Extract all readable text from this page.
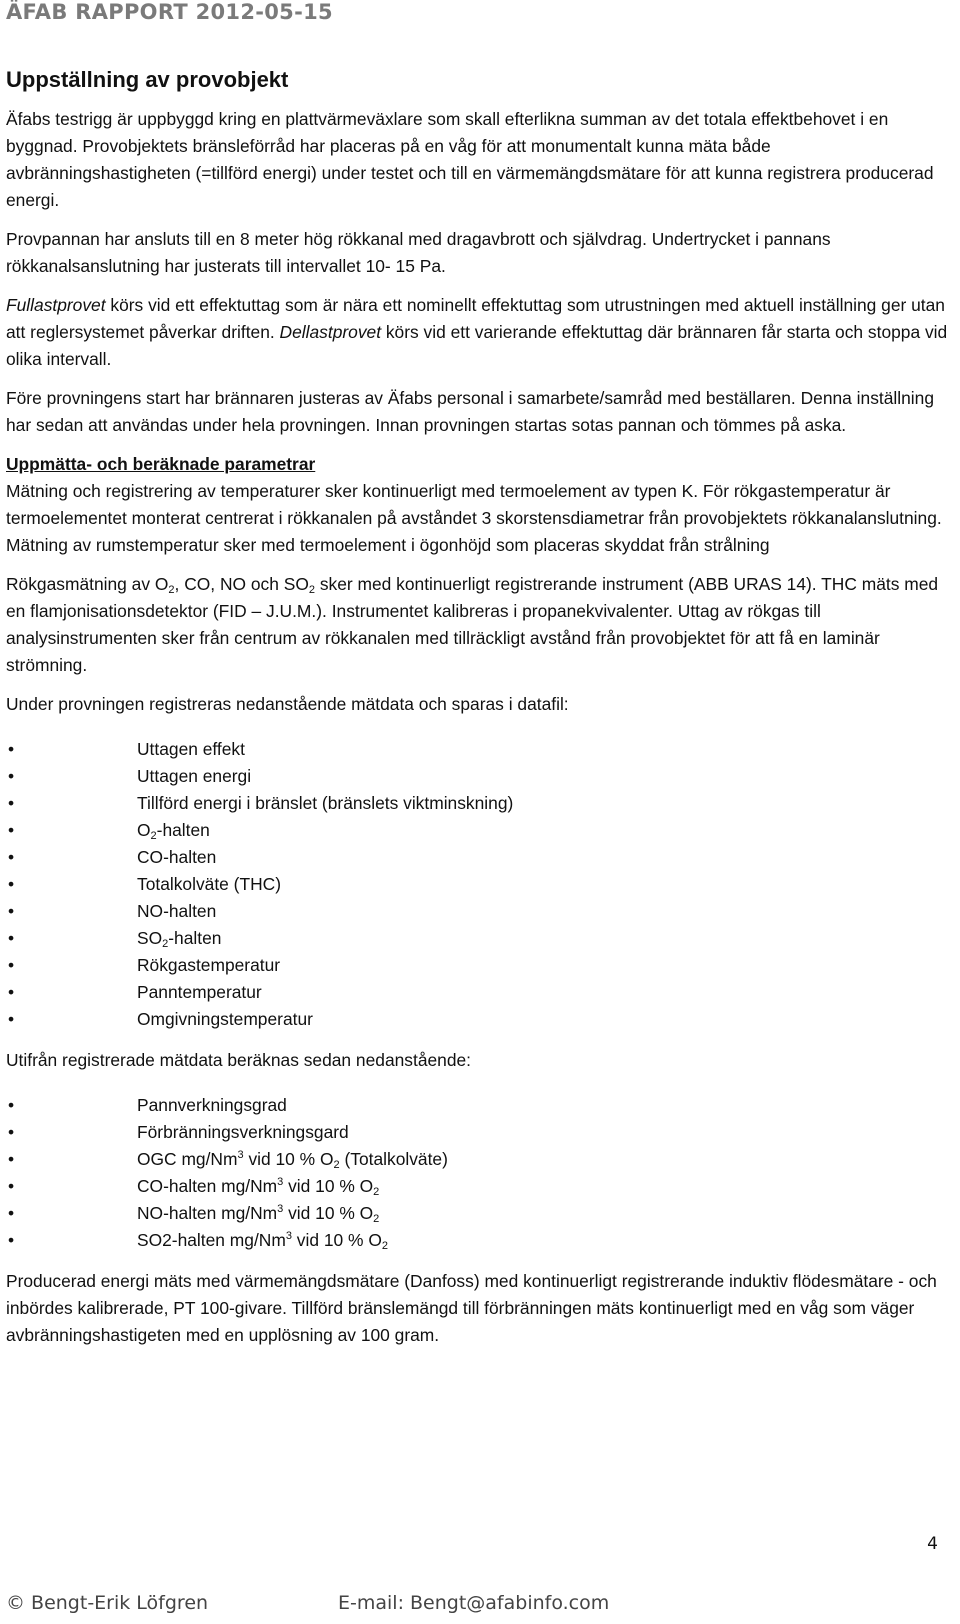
ÄFAB RAPPORT 2012-05-15
Uppställning av provobjekt

Äfabs testrigg är uppbyggd kring en plattvärmeväxlare som skall efterlikna summan av det totala effektbehovet i en byggnad. Provobjektets bränsleförråd har placeras på en våg för att monumentalt kunna mäta både avbränningshastigheten (=tillförd energi) under testet och till en värmemängdsmätare för att kunna registrera producerad energi.

Provpannan har ansluts till en 8 meter hög rökkanal med dragavbrott och självdrag. Undertrycket i pannans rökkanalsanslutning har justerats till intervallet 10- 15 Pa.

Fullastprovet körs vid ett effektuttag som är nära ett nominellt effektuttag som utrustningen med aktuell inställning ger utan att reglersystemet påverkar driften. Dellastprovet körs vid ett varierande effektuttag där brännaren får starta och stoppa vid olika intervall.

Före provningens start har brännaren justeras av Äfabs personal i samarbete/samråd med beställaren. Denna inställning har sedan att användas under hela provningen. Innan provningen startas sotas pannan och tömmes på aska.

Uppmätta- och beräknade parametrar

Mätning och registrering av temperaturer sker kontinuerligt med termoelement av typen K. För rökgastemperatur är termoelementet monterat centrerat i rökkanalen på avståndet 3 skorstensdiametrar från provobjektets rökkanalanslutning. Mätning av rumstemperatur sker med termoelement i ögonhöjd som placeras skyddat från strålning

Rökgasmätning av $O_2$, CO, NO och $SO_2$ sker med kontinuerligt registrerande instrument (ABB URAS 14). THC mäts med en flamjonisationsdetektor (FID – J.U.M.). Instrumentet kalibreras i propanekvivalenter. Uttag av rökgas till analysinstrumenten sker från centrum av rökkanalen med tillräckligt avstånd från provobjektet för att få en laminär strömning.

Under provningen registreras nedanstående mätdata och sparas i datafil:

• Uttagen effekt
• Uttagen energi
• Tillförd energi i bränslet (bränslets viktminskning)
• $O_2$-halten
• CO-halten
• Totalkolväte (THC)
• NO-halten
• $SO_2$-halten
• Rökgastemperatur
• Panntemperatur
• Omgivningstemperatur

Utifrån registrerade mätdata beräknas sedan nedanstående:

• Pannverkningsgrad
• Förbränningsverkningsgard
• OGC mg/Nm$^3$ vid 10 % $O_2$ (Totalkolväte)
• CO-halten mg/Nm$^3$ vid 10 % $O_2$
• NO-halten mg/Nm$^3$ vid 10 % $O_2$
• SO2-halten mg/Nm$^3$ vid 10 % $O_2$

Producerad energi mäts med värmemängdsmätare (Danfoss) med kontinuerligt registrerande induktiv flödesmätare - och inbördes kalibrerade, PT 100-givare. Tillförd bränslemängd till förbränningen mäts kontinuerligt med en våg som väger avbränningshastigeten med en upplösning av 100 gram.

4
© Bengt-Erik Löfgren	E-mail: Bengt@afabinfo.com
